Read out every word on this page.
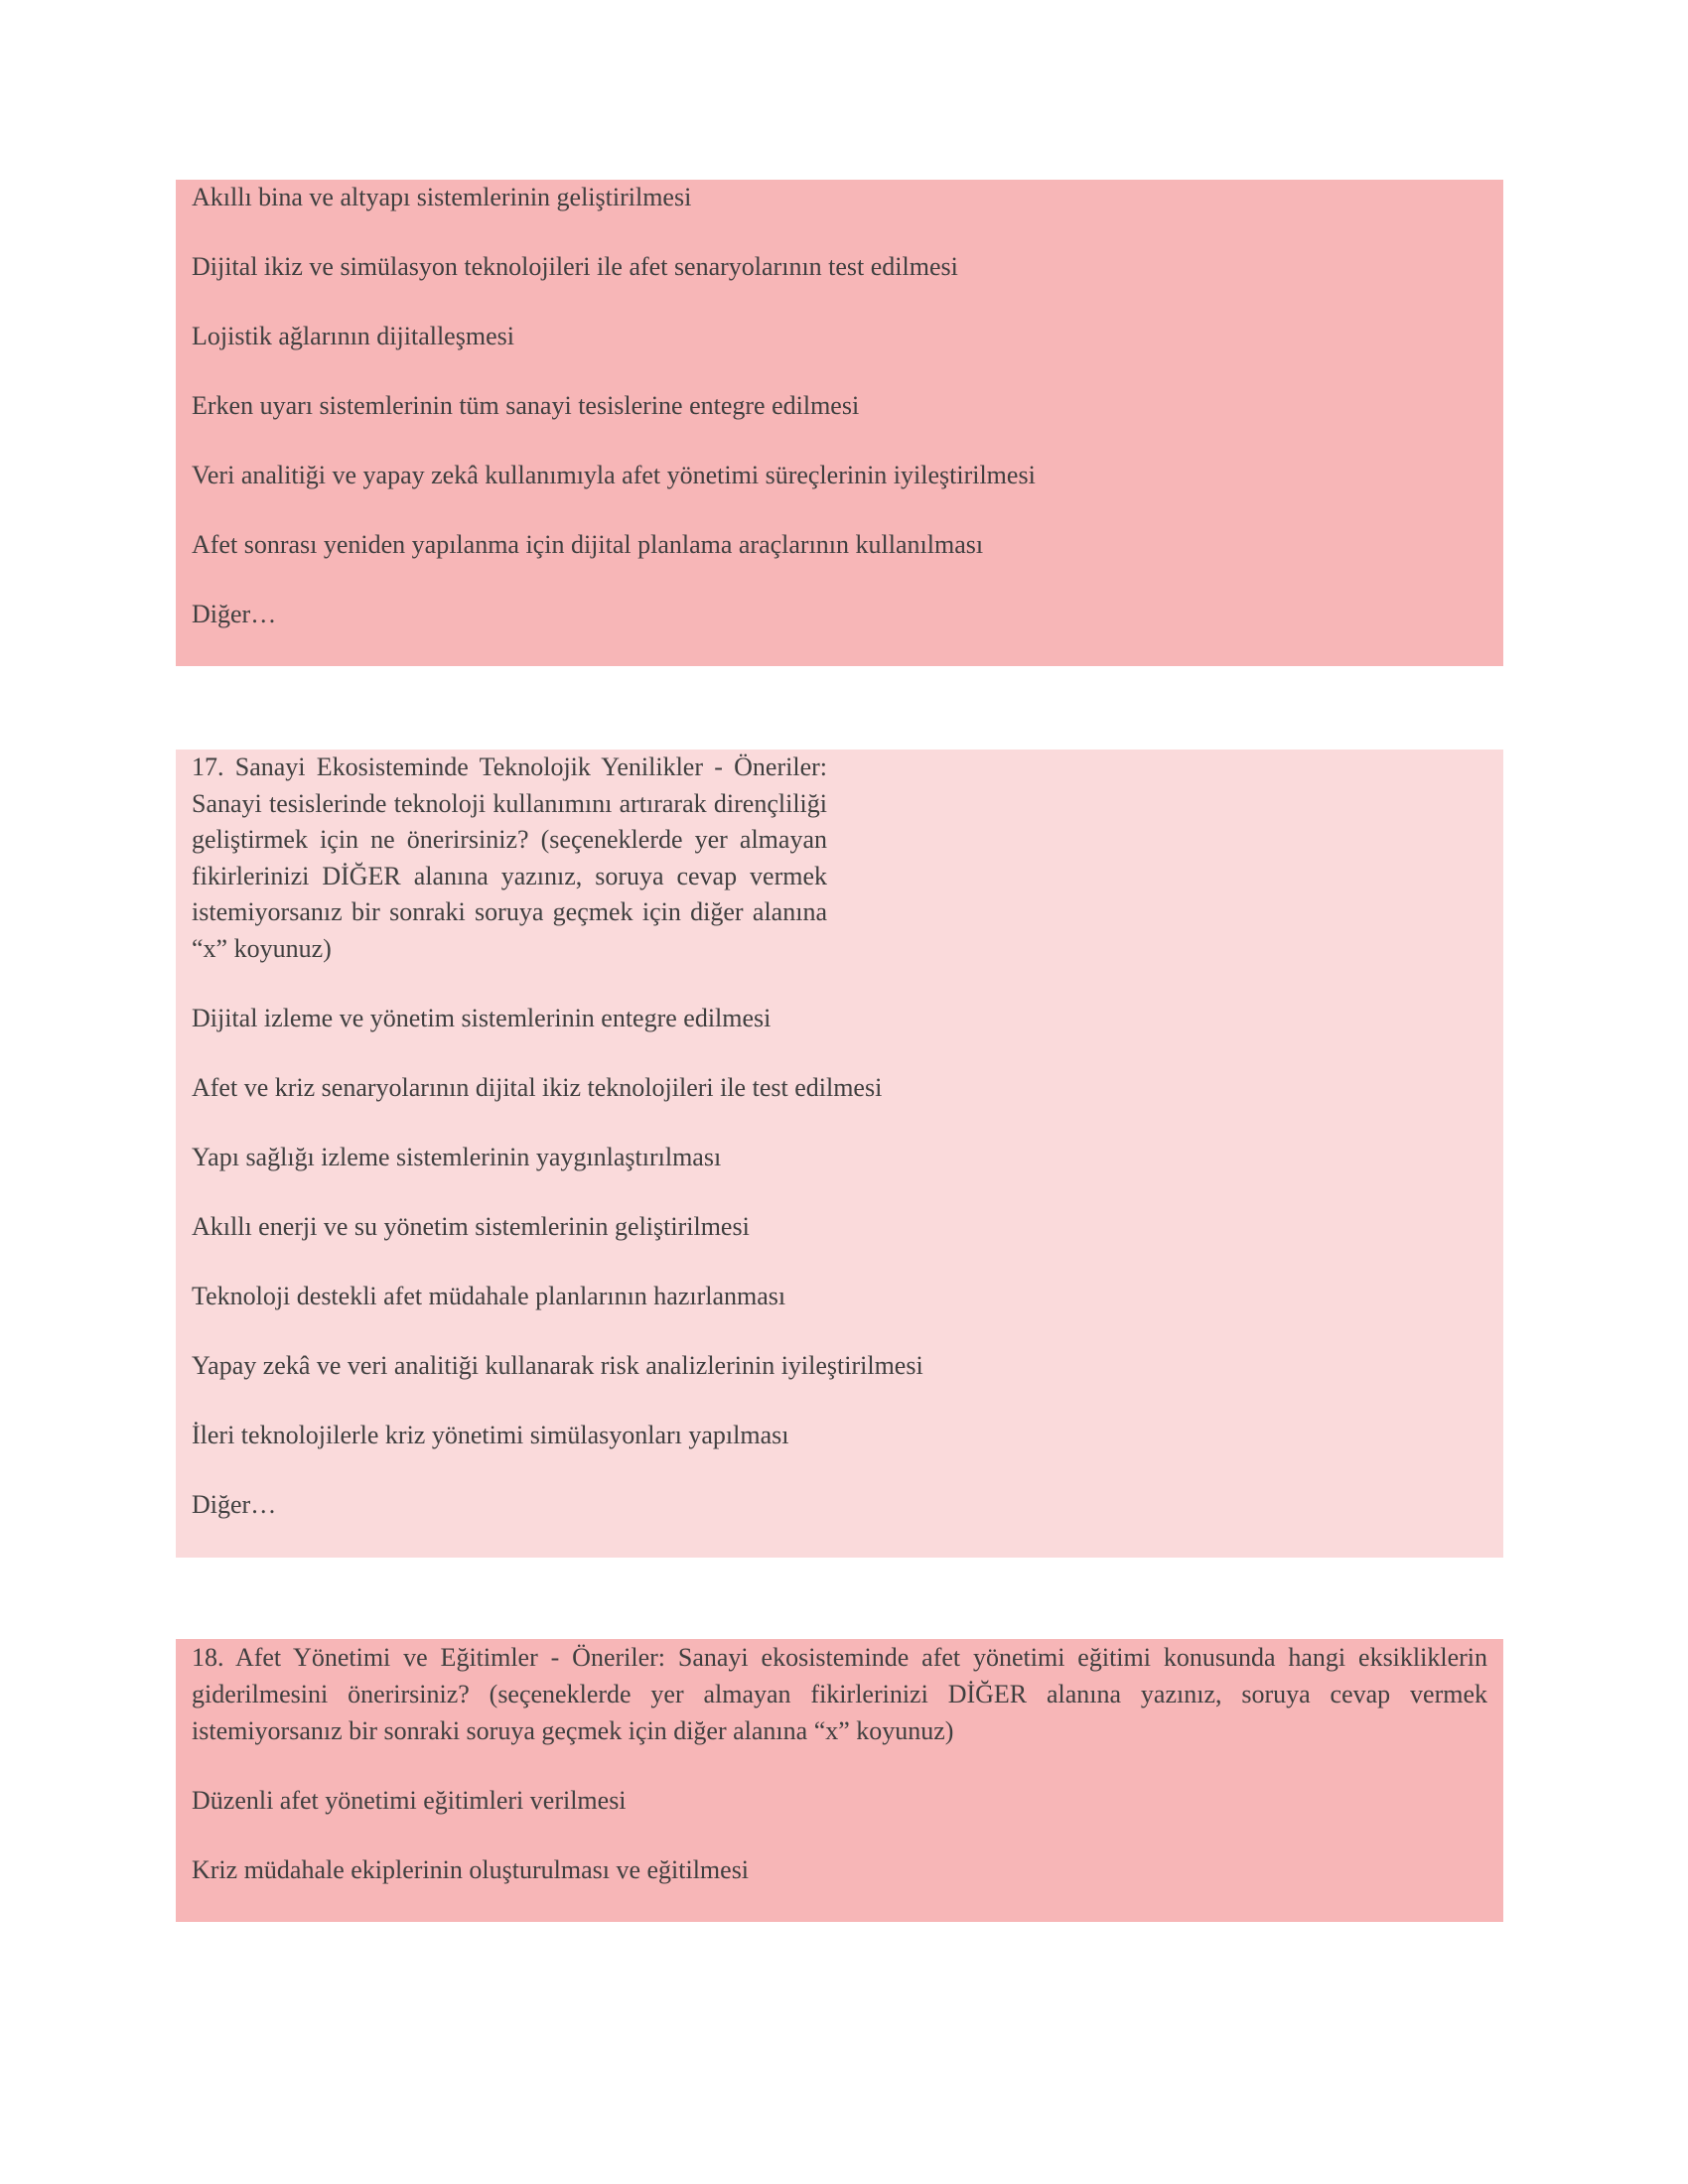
Akıllı bina ve altyapı sistemlerinin geliştirilmesi

Dijital ikiz ve simülasyon teknolojileri ile afet senaryolarının test edilmesi

Lojistik ağlarının dijitalleşmesi

Erken uyarı sistemlerinin tüm sanayi tesislerine entegre edilmesi

Veri analitiği ve yapay zekâ kullanımıyla afet yönetimi süreçlerinin iyileştirilmesi

Afet sonrası yeniden yapılanma için dijital planlama araçlarının kullanılması

Diğer…

17. Sanayi Ekosisteminde Teknolojik Yenilikler - Öneriler: Sanayi tesislerinde teknoloji kullanımını artırarak dirençliliği geliştirmek için ne önerirsiniz? (seçeneklerde yer almayan fikirlerinizi DİĞER alanına yazınız, soruya cevap vermek istemiyorsanız bir sonraki soruya geçmek için diğer alanına “x” koyunuz)

Dijital izleme ve yönetim sistemlerinin entegre edilmesi

Afet ve kriz senaryolarının dijital ikiz teknolojileri ile test edilmesi

Yapı sağlığı izleme sistemlerinin yaygınlaştırılması

Akıllı enerji ve su yönetim sistemlerinin geliştirilmesi

Teknoloji destekli afet müdahale planlarının hazırlanması

Yapay zekâ ve veri analitiği kullanarak risk analizlerinin iyileştirilmesi

İleri teknolojilerle kriz yönetimi simülasyonları yapılması

Diğer…

18. Afet Yönetimi ve Eğitimler - Öneriler: Sanayi ekosisteminde afet yönetimi eğitimi konusunda hangi eksikliklerin giderilmesini önerirsiniz? (seçeneklerde yer almayan fikirlerinizi DİĞER alanına yazınız, soruya cevap vermek istemiyorsanız bir sonraki soruya geçmek için diğer alanına “x” koyunuz)

Düzenli afet yönetimi eğitimleri verilmesi

Kriz müdahale ekiplerinin oluşturulması ve eğitilmesi
